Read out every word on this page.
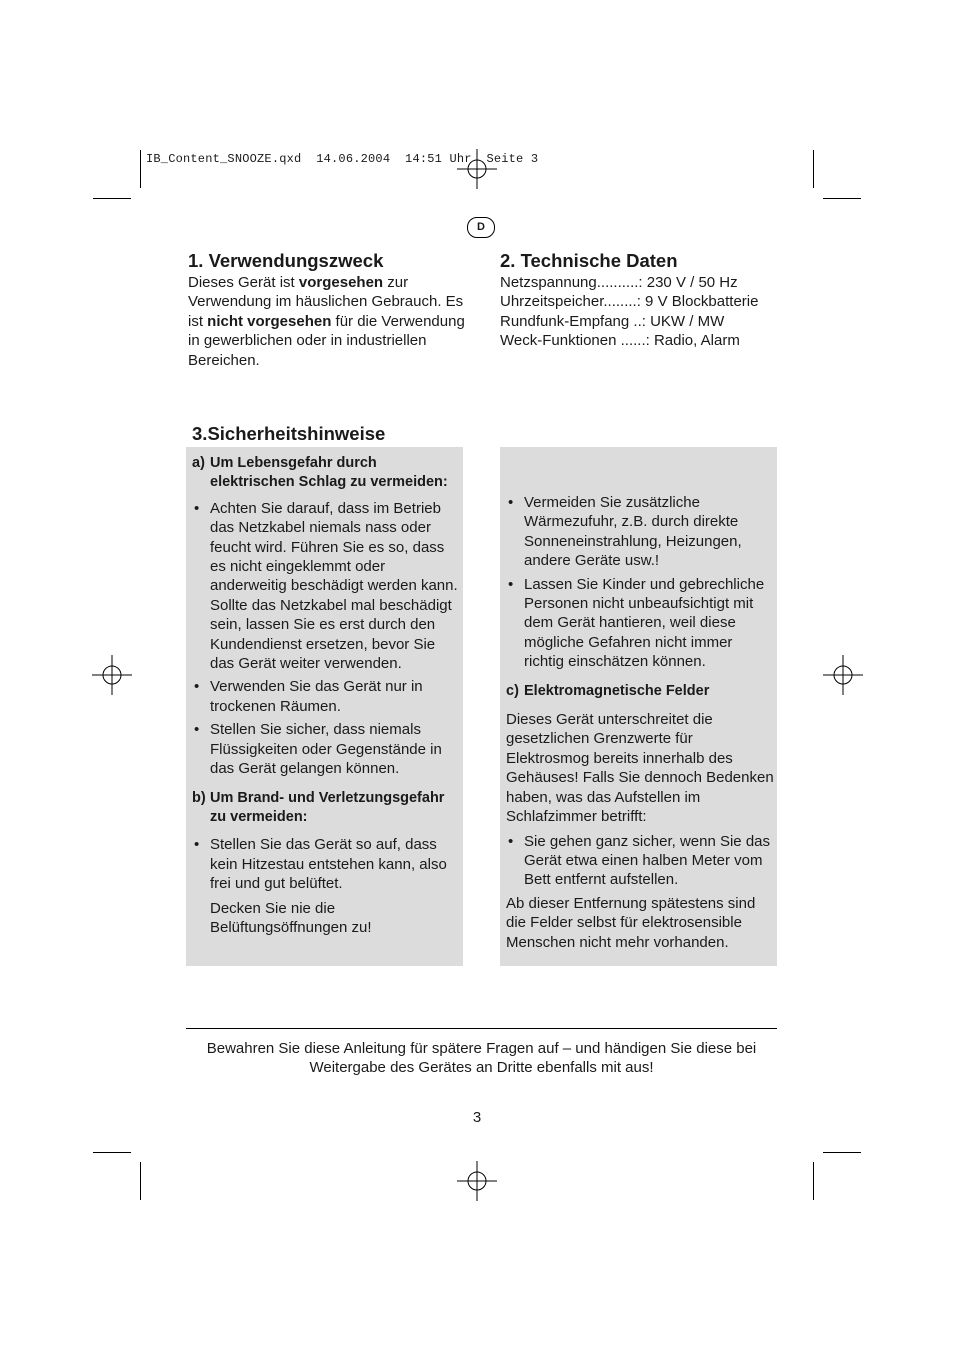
IB_Content_SNOOZE.qxd  14.06.2004  14:51 Uhr  Seite 3
D
1. Verwendungszweck
Dieses Gerät ist vorgesehen zur Verwendung im häuslichen Gebrauch. Es ist nicht vorgesehen für die Verwendung in gewerblichen oder in industriellen Bereichen.
2. Technische Daten
Netzspannung..........: 230 V / 50 Hz
Uhrzeitspeicher........: 9 V Blockbatterie
Rundfunk-Empfang ..: UKW / MW
Weck-Funktionen ......: Radio, Alarm
3.Sicherheitshinweise
a) Um Lebensgefahr durch elektrischen Schlag zu vermeiden:
• Achten Sie darauf, dass im Betrieb das Netzkabel niemals nass oder feucht wird. Führen Sie es so, dass es nicht eingeklemmt oder anderweitig beschädigt werden kann.
Sollte das Netzkabel mal beschädigt sein, lassen Sie es erst durch den Kundendienst ersetzen, bevor Sie das Gerät weiter verwenden.
• Verwenden Sie das Gerät nur in trockenen Räumen.
• Stellen Sie sicher, dass niemals Flüssigkeiten oder Gegenstände in das Gerät gelangen können.
b) Um Brand- und Verletzungsgefahr zu vermeiden:
• Stellen Sie das Gerät so auf, dass kein Hitzestau entstehen kann, also frei und gut belüftet.
Decken Sie nie die Belüftungsöffnungen zu!
• Vermeiden Sie zusätzliche Wärmezufuhr, z.B. durch direkte Sonneneinstrahlung, Heizungen, andere Geräte usw.!
• Lassen Sie Kinder und gebrechliche Personen nicht unbeaufsichtigt mit dem Gerät hantieren, weil diese mögliche Gefahren nicht immer richtig einschätzen können.
c) Elektromagnetische Felder
Dieses Gerät unterschreitet die gesetzlichen Grenzwerte für Elektrosmog bereits innerhalb des Gehäuses! Falls Sie dennoch Bedenken haben, was das Aufstellen im Schlafzimmer betrifft:
• Sie gehen ganz sicher, wenn Sie das Gerät etwa einen halben Meter vom Bett entfernt aufstellen.
Ab dieser Entfernung spätestens sind die Felder selbst für elektrosensible Menschen nicht mehr vorhanden.
Bewahren Sie diese Anleitung für spätere Fragen auf – und händigen Sie diese bei Weitergabe des Gerätes an Dritte ebenfalls mit aus!
3
